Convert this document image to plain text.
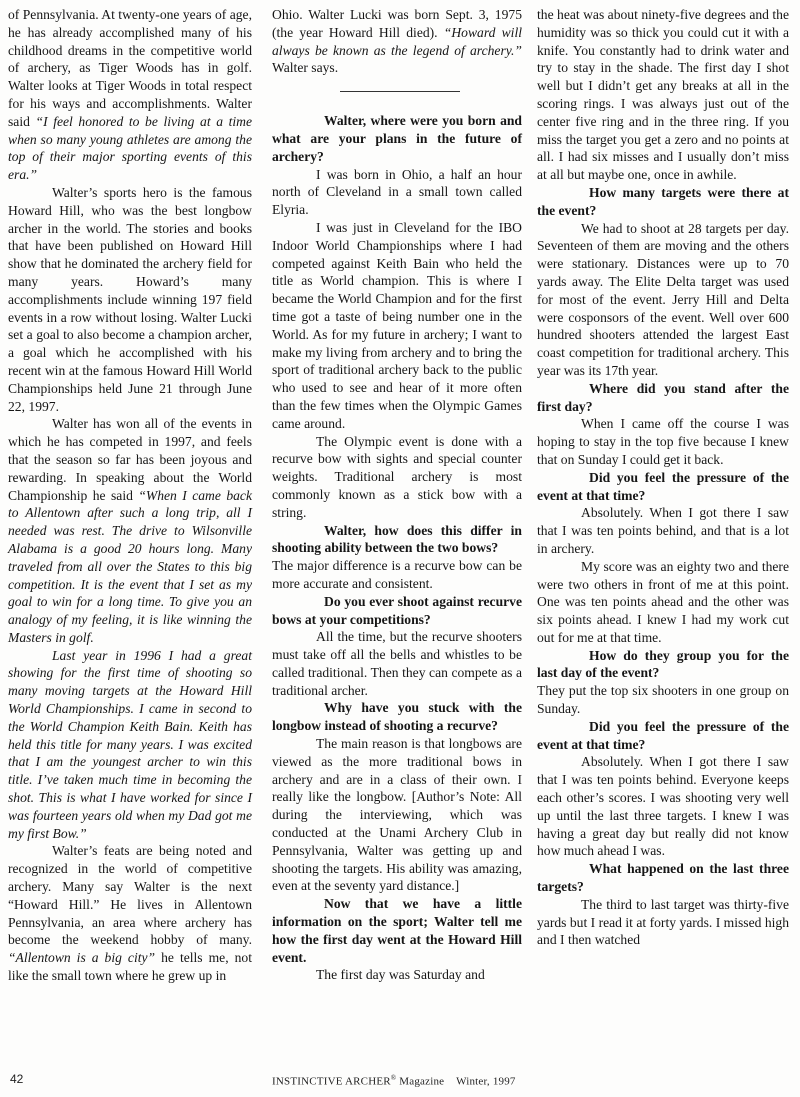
of Pennsylvania. At twenty-one years of age, he has already accomplished many of his childhood dreams in the competitive world of archery, as Tiger Woods has in golf. Walter looks at Tiger Woods in total respect for his ways and accomplishments. Walter said “I feel honored to be living at a time when so many young athletes are among the top of their major sporting events of this era.”

Walter’s sports hero is the famous Howard Hill, who was the best longbow archer in the world. The stories and books that have been published on Howard Hill show that he dominated the archery field for many years. Howard’s many accomplishments include winning 197 field events in a row without losing. Walter Lucki set a goal to also become a champion archer, a goal which he accomplished with his recent win at the famous Howard Hill World Championships held June 21 through June 22, 1997.

Walter has won all of the events in which he has competed in 1997, and feels that the season so far has been joyous and rewarding. In speaking about the World Championship he said “When I came back to Allentown after such a long trip, all I needed was rest. The drive to Wilsonville Alabama is a good 20 hours long. Many traveled from all over the States to this big competition. It is the event that I set as my goal to win for a long time. To give you an analogy of my feeling, it is like winning the Masters in golf.

Last year in 1996 I had a great showing for the first time of shooting so many moving targets at the Howard Hill World Championships. I came in second to the World Champion Keith Bain. Keith has held this title for many years. I was excited that I am the youngest archer to win this title. I’ve taken much time in becoming the shot. This is what I have worked for since I was fourteen years old when my Dad got me my first Bow.”

Walter’s feats are being noted and recognized in the world of competitive archery. Many say Walter is the next “Howard Hill.” He lives in Allentown Pennsylvania, an area where archery has become the weekend hobby of many. “Allentown is a big city” he tells me, not like the small town where he grew up in

Ohio. Walter Lucki was born Sept. 3, 1975 (the year Howard Hill died). “Howard will always be known as the legend of archery.” Walter says.

Walter, where were you born and what are your plans in the future of archery?

I was born in Ohio, a half an hour north of Cleveland in a small town called Elyria.

I was just in Cleveland for the IBO Indoor World Championships where I had competed against Keith Bain who held the title as World champion. This is where I became the World Champion and for the first time got a taste of being number one in the World. As for my future in archery; I want to make my living from archery and to bring the sport of traditional archery back to the public who used to see and hear of it more often than the few times when the Olympic Games came around.

The Olympic event is done with a recurve bow with sights and special counter weights. Traditional archery is most commonly known as a stick bow with a string.

Walter, how does this differ in shooting ability between the two bows?

The major difference is a recurve bow can be more accurate and consistent.

Do you ever shoot against recurve bows at your competitions?

All the time, but the recurve shooters must take off all the bells and whistles to be called traditional. Then they can compete as a traditional archer.

Why have you stuck with the longbow instead of shooting a recurve?

The main reason is that longbows are viewed as the more traditional bows in archery and are in a class of their own. I really like the longbow. [Author’s Note: All during the interviewing, which was conducted at the Unami Archery Club in Pennsylvania, Walter was getting up and shooting the targets. His ability was amazing, even at the seventy yard distance.]

Now that we have a little information on the sport; Walter tell me how the first day went at the Howard Hill event.

The first day was Saturday and

the heat was about ninety-five degrees and the humidity was so thick you could cut it with a knife. You constantly had to drink water and try to stay in the shade. The first day I shot well but I didn’t get any breaks at all in the scoring rings. I was always just out of the center five ring and in the three ring. If you miss the target you get a zero and no points at all. I had six misses and I usually don’t miss at all but maybe one, once in awhile.

How many targets were there at the event?

We had to shoot at 28 targets per day. Seventeen of them are moving and the others were stationary. Distances were up to 70 yards away. The Elite Delta target was used for most of the event. Jerry Hill and Delta were cosponsors of the event. Well over 600 hundred shooters attended the largest East coast competition for traditional archery. This year was its 17th year.

Where did you stand after the first day?

When I came off the course I was hoping to stay in the top five because I knew that on Sunday I could get it back.

Did you feel the pressure of the event at that time?

Absolutely. When I got there I saw that I was ten points behind, and that is a lot in archery.

My score was an eighty two and there were two others in front of me at this point. One was ten points ahead and the other was six points ahead. I knew I had my work cut out for me at that time.

How do they group you for the last day of the event?

They put the top six shooters in one group on Sunday.

Did you feel the pressure of the event at that time?

Absolutely. When I got there I saw that I was ten points behind. Everyone keeps each other’s scores. I was shooting very well up until the last three targets. I knew I was having a great day but really did not know how much ahead I was.

What happened on the last three targets?

The third to last target was thirty-five yards but I read it at forty yards. I missed high and I then watched

42	INSTINCTIVE ARCHER® Magazine Winter, 1997
